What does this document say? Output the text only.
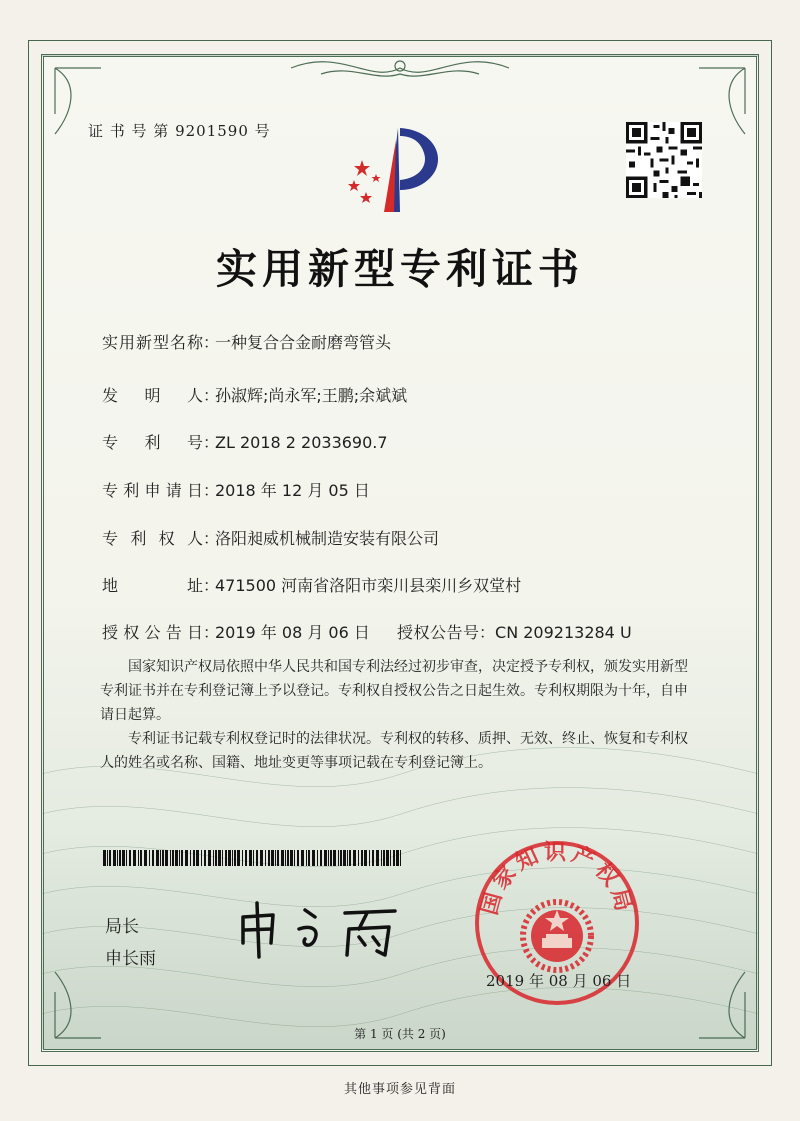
证 书 号 第 9201590 号
实用新型专利证书
实用新型名称：一种复合合金耐磨弯管头
发明人：孙淑辉;尚永军;王鹏;余斌斌
专利号：ZL 2018 2 2033690.7
专利申请日：2018 年 12 月 05 日
专利权人：洛阳昶威机械制造安装有限公司
地址：471500 河南省洛阳市栾川县栾川乡双堂村
授权公告日：2019 年 08 月 06 日 授权公告号：CN 209213284 U
国家知识产权局依照中华人民共和国专利法经过初步审查，决定授予专利权，颁发实用新型专利证书并在专利登记簿上予以登记。专利权自授权公告之日起生效。专利权期限为十年，自申请日起算。
专利证书记载专利权登记时的法律状况。专利权的转移、质押、无效、终止、恢复和专利权人的姓名或名称、国籍、地址变更等事项记载在专利登记簿上。
局长
申长雨
国家知识产权局
2019 年 08 月 06 日
第 1 页 (共 2 页)
其他事项参见背面
